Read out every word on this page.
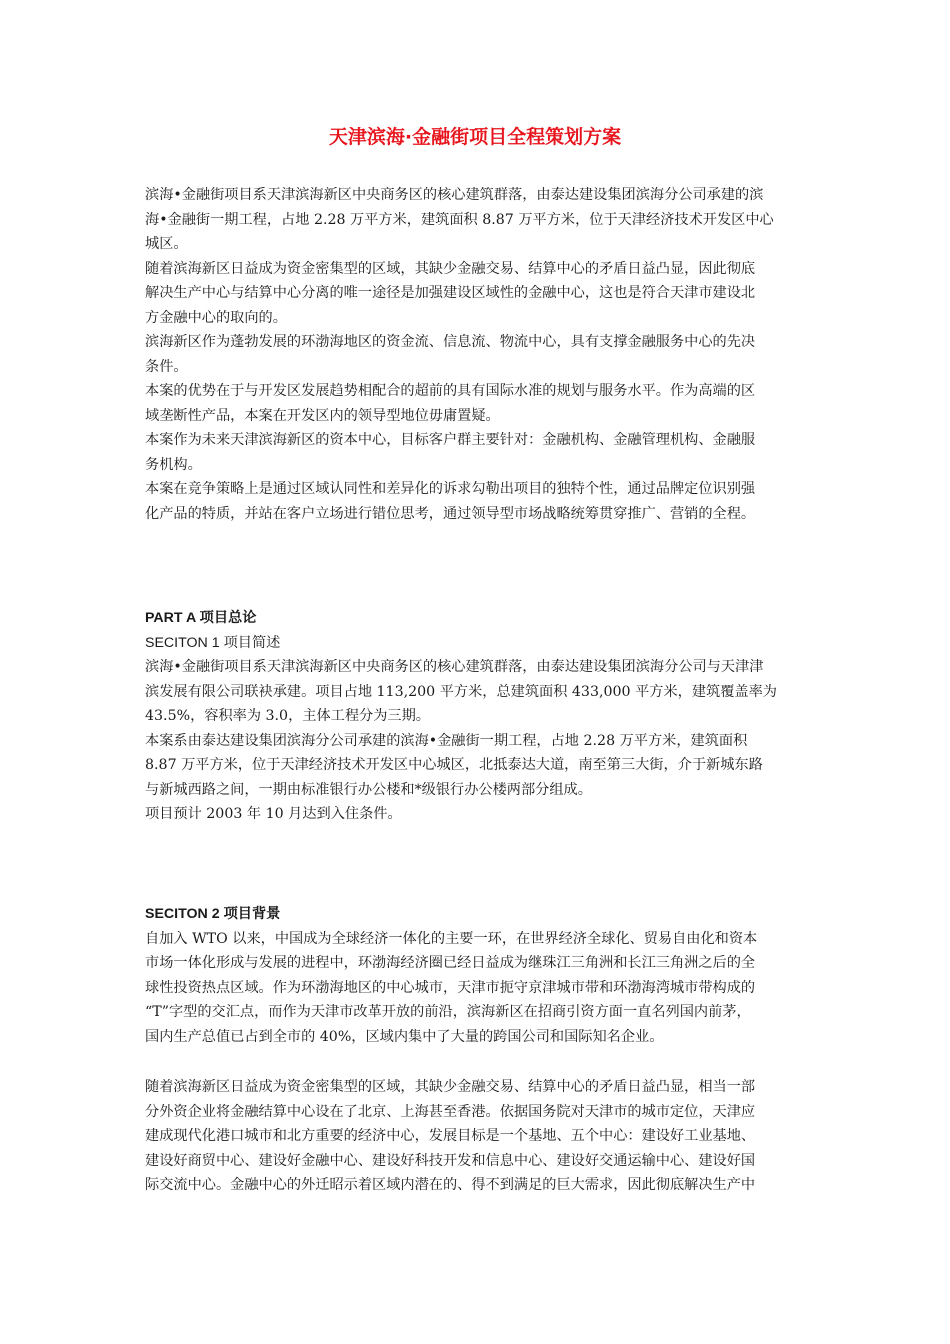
天津滨海·金融街项目全程策划方案
滨海•金融街项目系天津滨海新区中央商务区的核心建筑群落，由泰达建设集团滨海分公司承建的滨
海•金融街一期工程，占地 2.28 万平方米，建筑面积 8.87 万平方米，位于天津经济技术开发区中心
城区。
随着滨海新区日益成为资金密集型的区域，其缺少金融交易、结算中心的矛盾日益凸显，因此彻底
解决生产中心与结算中心分离的唯一途径是加强建设区域性的金融中心，这也是符合天津市建设北
方金融中心的取向的。
滨海新区作为蓬勃发展的环渤海地区的资金流、信息流、物流中心，具有支撑金融服务中心的先决
条件。
本案的优势在于与开发区发展趋势相配合的超前的具有国际水准的规划与服务水平。作为高端的区
域垄断性产品，本案在开发区内的领导型地位毋庸置疑。
本案作为未来天津滨海新区的资本中心，目标客户群主要针对：金融机构、金融管理机构、金融服
务机构。
本案在竞争策略上是通过区域认同性和差异化的诉求勾勒出项目的独特个性，通过品牌定位识别强
化产品的特质，并站在客户立场进行错位思考，通过领导型市场战略统筹贯穿推广、营销的全程。
PART A 项目总论
SECITON 1 项目简述
滨海•金融街项目系天津滨海新区中央商务区的核心建筑群落，由泰达建设集团滨海分公司与天津津
滨发展有限公司联袂承建。项目占地 113,200 平方米，总建筑面积 433,000 平方米，建筑覆盖率为
43.5%，容积率为 3.0，主体工程分为三期。
本案系由泰达建设集团滨海分公司承建的滨海•金融街一期工程，占地 2.28 万平方米，建筑面积
8.87 万平方米，位于天津经济技术开发区中心城区，北抵泰达大道，南至第三大街，介于新城东路
与新城西路之间，一期由标准银行办公楼和*级银行办公楼两部分组成。
项目预计 2003 年 10 月达到入住条件。
SECITON 2 项目背景
自加入 WTO 以来，中国成为全球经济一体化的主要一环，在世界经济全球化、贸易自由化和资本
市场一体化形成与发展的进程中，环渤海经济圈已经日益成为继珠江三角洲和长江三角洲之后的全
球性投资热点区域。作为环渤海地区的中心城市，天津市扼守京津城市带和环渤海湾城市带构成的
“T”字型的交汇点，而作为天津市改革开放的前沿，滨海新区在招商引资方面一直名列国内前茅，
国内生产总值已占到全市的 40%，区域内集中了大量的跨国公司和国际知名企业。
随着滨海新区日益成为资金密集型的区域，其缺少金融交易、结算中心的矛盾日益凸显，相当一部
分外资企业将金融结算中心设在了北京、上海甚至香港。依据国务院对天津市的城市定位，天津应
建成现代化港口城市和北方重要的经济中心，发展目标是一个基地、五个中心：建设好工业基地、
建设好商贸中心、建设好金融中心、建设好科技开发和信息中心、建设好交通运输中心、建设好国
际交流中心。金融中心的外迁昭示着区域内潜在的、得不到满足的巨大需求，因此彻底解决生产中
